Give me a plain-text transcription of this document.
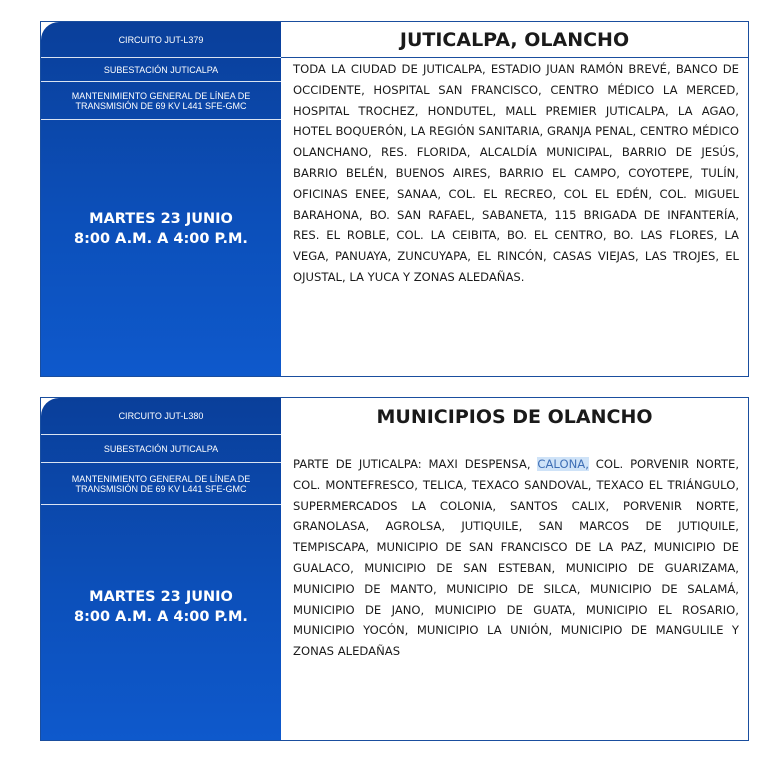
CIRCUITO JUT-L379
SUBESTACIÓN JUTICALPA
MANTENIMIENTO GENERAL DE LÍNEA DE TRANSMISIÓN DE 69 KV L441 SFE-GMC
MARTES 23 JUNIO
8:00 A.M. A 4:00 P.M.
JUTICALPA, OLANCHO
TODA LA CIUDAD DE JUTICALPA, ESTADIO JUAN RAMÓN BREVÉ, BANCO DE OCCIDENTE, HOSPITAL SAN FRANCISCO, CENTRO MÉDICO LA MERCED, HOSPITAL TROCHEZ, HONDUTEL, MALL PREMIER JUTICALPA, LA AGAO, HOTEL BOQUERÓN, LA REGIÓN SANITARIA, GRANJA PENAL, CENTRO MÉDICO OLANCHANO, RES. FLORIDA, ALCALDÍA MUNICIPAL, BARRIO DE JESÚS, BARRIO BELÉN, BUENOS AIRES, BARRIO EL CAMPO, COYOTEPE, TULÍN, OFICINAS ENEE, SANAA, COL. EL RECREO, COL EL EDÉN, COL. MIGUEL BARAHONA, BO. SAN RAFAEL, SABANETA, 115 BRIGADA DE INFANTERÍA, RES. EL ROBLE, COL. LA CEIBITA, BO. EL CENTRO, BO. LAS FLORES, LA VEGA, PANUAYA, ZUNCUYAPA, EL RINCÓN, CASAS VIEJAS, LAS TROJES, EL OJUSTAL, LA YUCA Y ZONAS ALEDAÑAS.
CIRCUITO JUT-L380
SUBESTACIÓN JUTICALPA
MANTENIMIENTO GENERAL DE LÍNEA DE TRANSMISIÓN DE 69 KV L441 SFE-GMC
MARTES 23 JUNIO
8:00 A.M. A 4:00 P.M.
MUNICIPIOS DE OLANCHO
PARTE DE JUTICALPA: MAXI DESPENSA, CALONA, COL. PORVENIR NORTE, COL. MONTEFRESCO, TELICA, TEXACO SANDOVAL, TEXACO EL TRIÁNGULO, SUPERMERCADOS LA COLONIA, SANTOS CALIX, PORVENIR NORTE, GRANOLASA, AGROLSA, JUTIQUILE, SAN MARCOS DE JUTIQUILE, TEMPISCAPA, MUNICIPIO DE SAN FRANCISCO DE LA PAZ, MUNICIPIO DE GUALACO, MUNICIPIO DE SAN ESTEBAN, MUNICIPIO DE GUARIZAMA, MUNICIPIO DE MANTO, MUNICIPIO DE SILCA, MUNICIPIO DE SALAMÁ, MUNICIPIO DE JANO, MUNICIPIO DE GUATA, MUNICIPIO EL ROSARIO, MUNICIPIO YOCÓN, MUNICIPIO LA UNIÓN, MUNICIPIO DE MANGULILE Y ZONAS ALEDAÑAS
